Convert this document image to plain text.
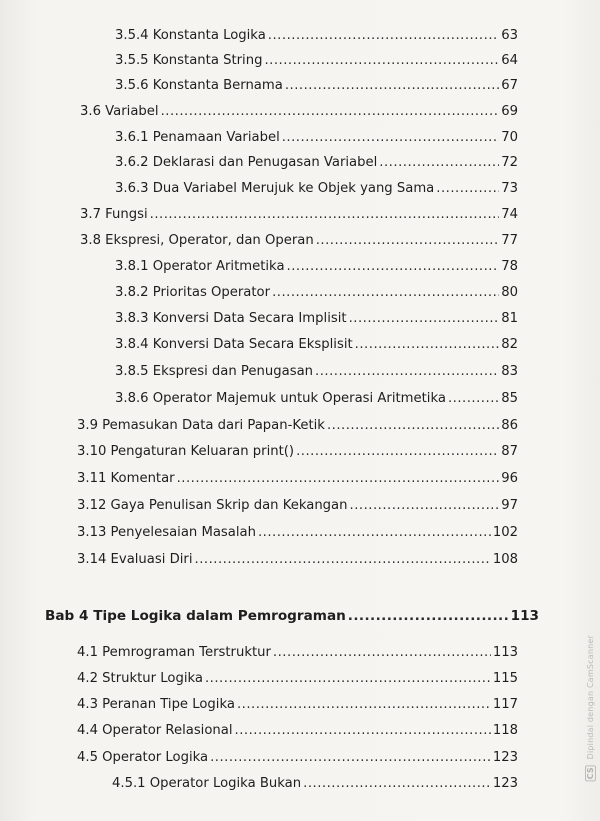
3.5.4 Konstanta Logika .....	63
3.5.5 Konstanta String .....	64
3.5.6 Konstanta Bernama .....	67
3.6 Variabel .....	69
3.6.1 Penamaan Variabel .....	70
3.6.2 Deklarasi dan Penugasan Variabel .....	72
3.6.3 Dua Variabel Merujuk ke Objek yang Sama .....	73
3.7 Fungsi .....	74
3.8 Ekspresi, Operator, dan Operan .....	77
3.8.1 Operator Aritmetika .....	78
3.8.2 Prioritas Operator .....	80
3.8.3 Konversi Data Secara Implisit .....	81
3.8.4 Konversi Data Secara Eksplisit .....	82
3.8.5 Ekspresi dan Penugasan .....	83
3.8.6 Operator Majemuk untuk Operasi Aritmetika .....	85
3.9 Pemasukan Data dari Papan-Ketik .....	86
3.10 Pengaturan Keluaran print() .....	87
3.11 Komentar .....	96
3.12 Gaya Penulisan Skrip dan Kekangan .....	97
3.13 Penyelesaian Masalah .....	102
3.14 Evaluasi Diri .....	108
Bab 4 Tipe Logika dalam Pemrograman .....	113
4.1 Pemrograman Terstruktur .....	113
4.2 Struktur Logika .....	115
4.3 Peranan Tipe Logika .....	117
4.4 Operator Relasional .....	118
4.5 Operator Logika .....	123
4.5.1 Operator Logika Bukan .....	123
CS Dipindai dengan CamScanner
